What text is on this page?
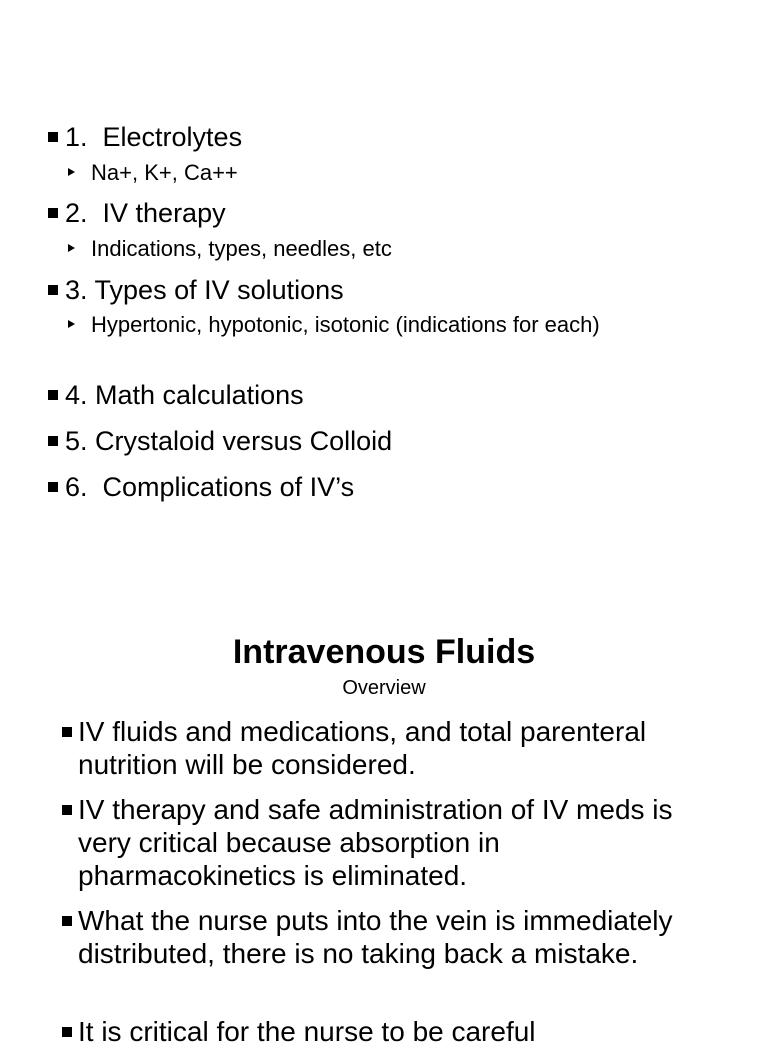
1.  Electrolytes
Na+, K+, Ca++
2.  IV therapy
Indications, types, needles, etc
3. Types of IV solutions
Hypertonic, hypotonic, isotonic (indications for each)
4. Math calculations
5. Crystaloid versus Colloid
6.  Complications of IV’s
Intravenous Fluids
Overview
IV fluids and medications, and total parenteral nutrition will be considered.
IV therapy and safe administration of IV meds is very critical because absorption in pharmacokinetics is eliminated.
What the nurse puts into the vein is immediately distributed, there is no taking back a mistake.
It is critical for the nurse to be careful
